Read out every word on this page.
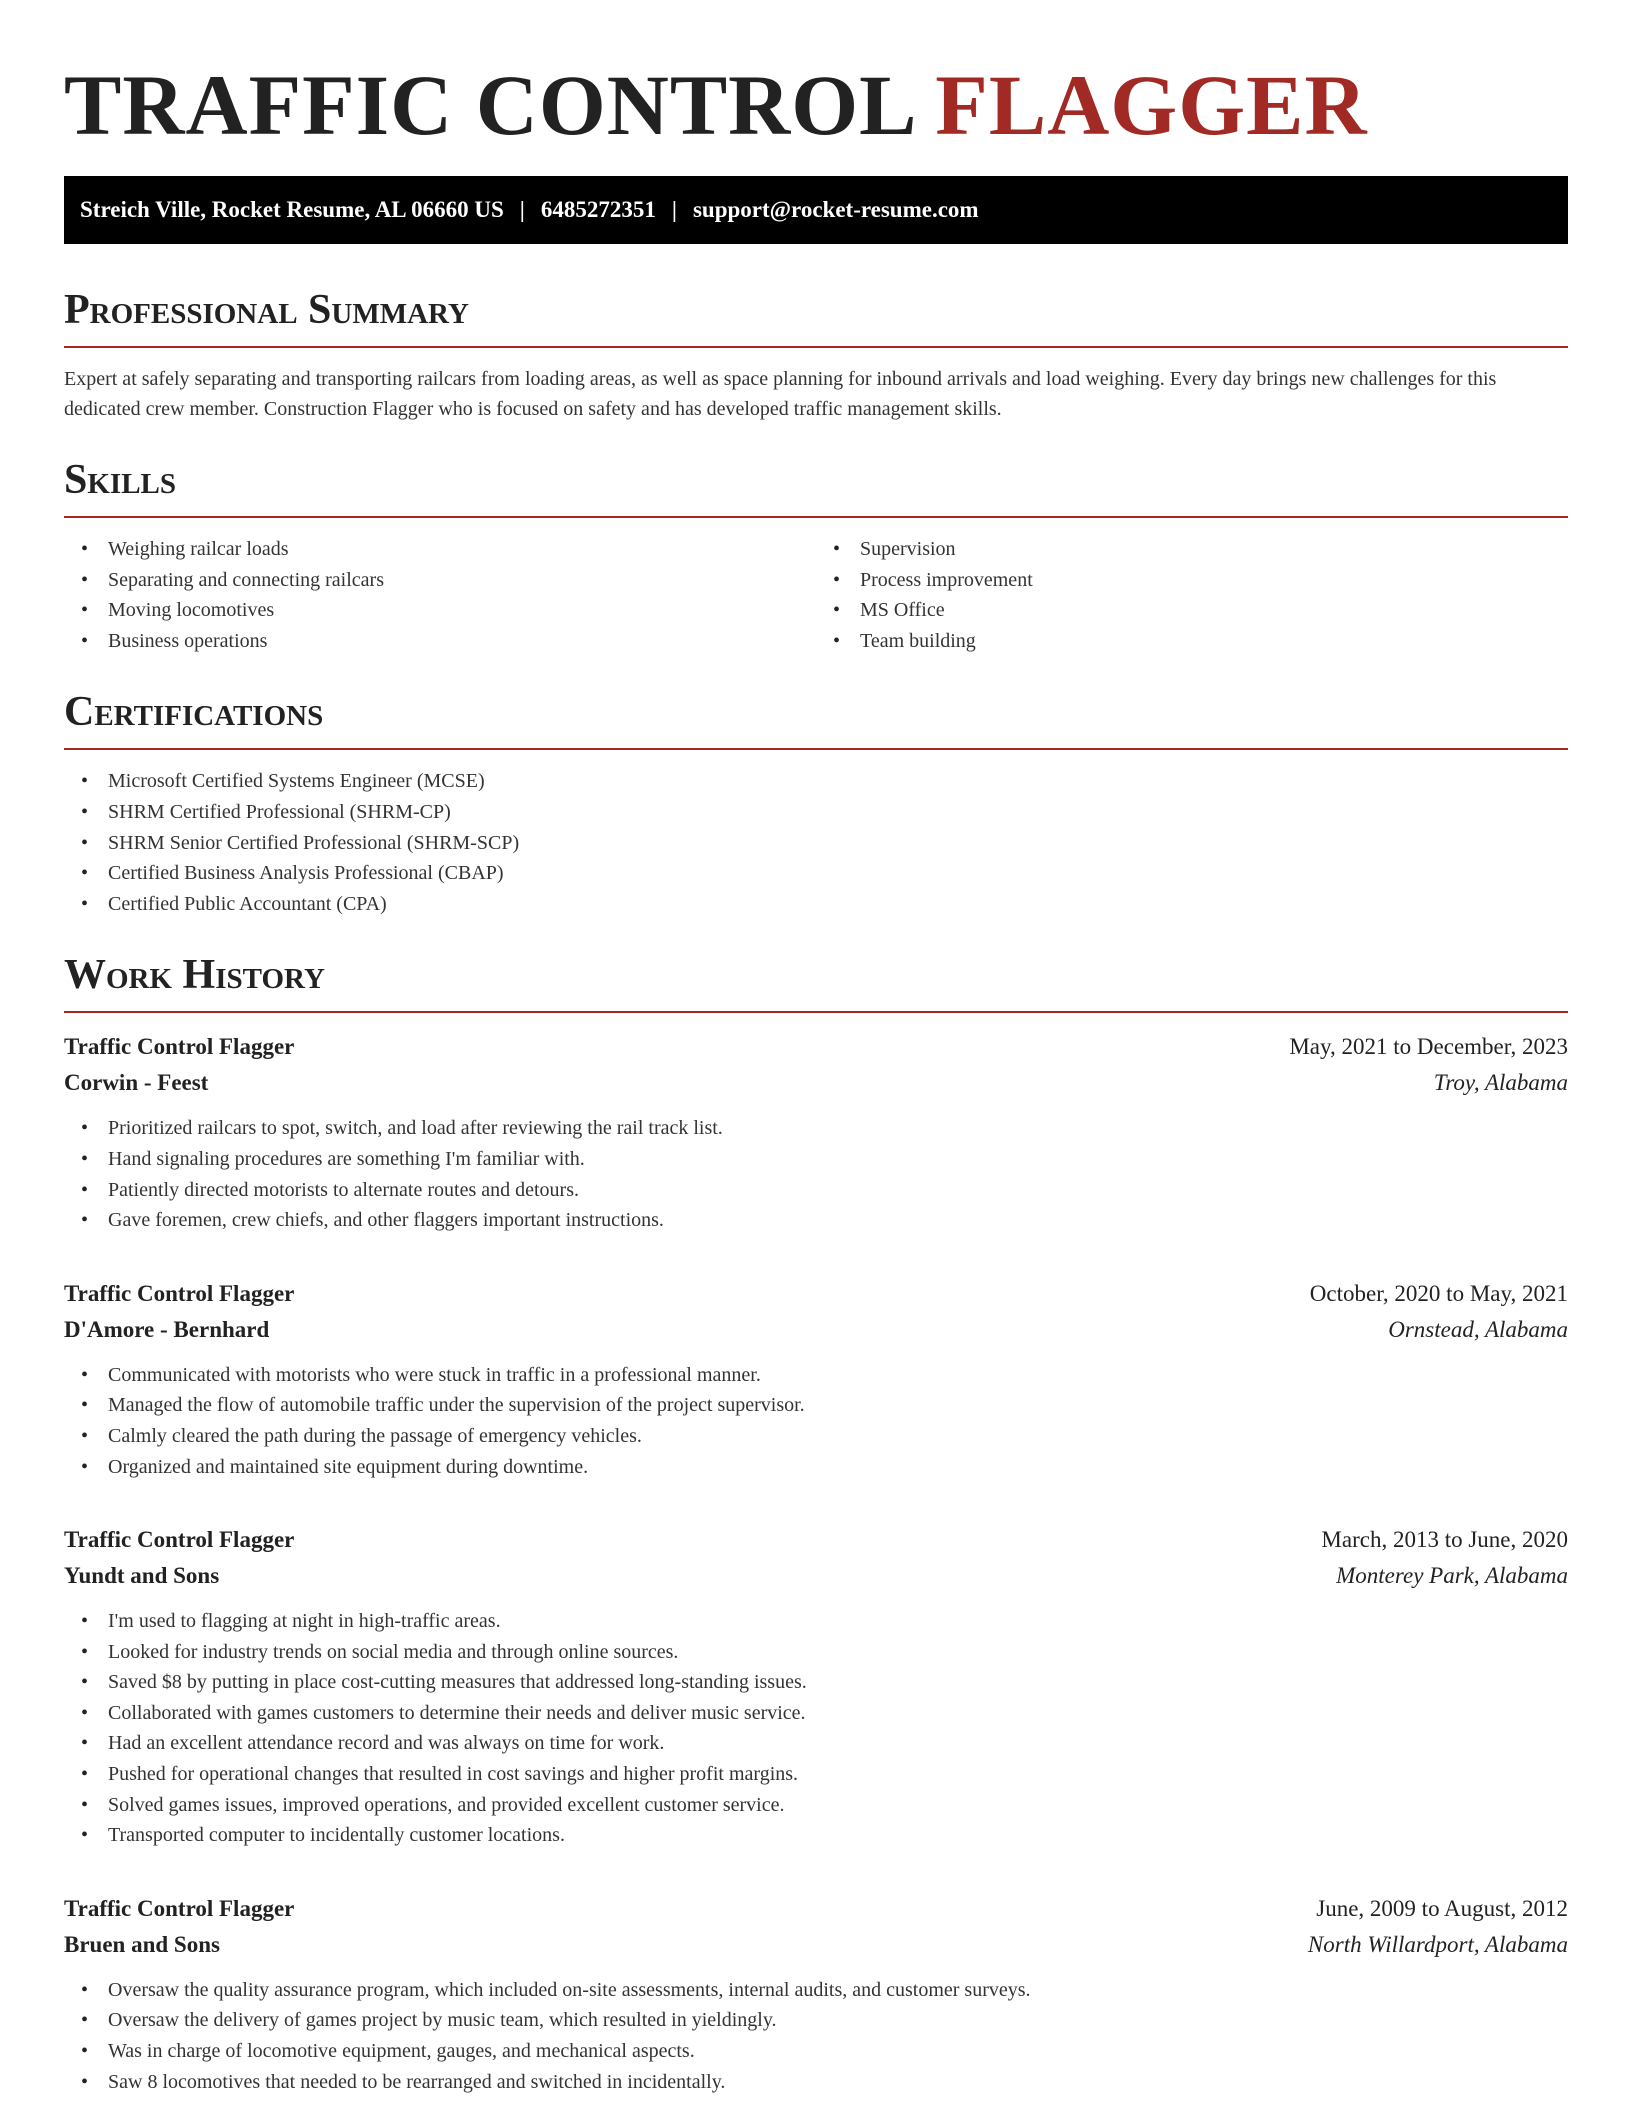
TRAFFIC CONTROL FLAGGER
Streich Ville, Rocket Resume, AL 06660 US | 6485272351 | support@rocket-resume.com
Professional Summary

Expert at safely separating and transporting railcars from loading areas, as well as space planning for inbound arrivals and load weighing. Every day brings new challenges for this dedicated crew member. Construction Flagger who is focused on safety and has developed traffic management skills.

Skills
• Weighing railcar loads
• Separating and connecting railcars
• Moving locomotives
• Business operations
• Supervision
• Process improvement
• MS Office
• Team building
Certifications
• Microsoft Certified Systems Engineer (MCSE)
• SHRM Certified Professional (SHRM-CP)
• SHRM Senior Certified Professional (SHRM-SCP)
• Certified Business Analysis Professional (CBAP)
• Certified Public Accountant (CPA)
Work History
Traffic Control Flagger	May, 2021 to December, 2023
Corwin - Feest	Troy, Alabama
• Prioritized railcars to spot, switch, and load after reviewing the rail track list.
• Hand signaling procedures are something I'm familiar with.
• Patiently directed motorists to alternate routes and detours.
• Gave foremen, crew chiefs, and other flaggers important instructions.
Traffic Control Flagger	October, 2020 to May, 2021
D'Amore - Bernhard	Ornstead, Alabama
• Communicated with motorists who were stuck in traffic in a professional manner.
• Managed the flow of automobile traffic under the supervision of the project supervisor.
• Calmly cleared the path during the passage of emergency vehicles.
• Organized and maintained site equipment during downtime.
Traffic Control Flagger	March, 2013 to June, 2020
Yundt and Sons	Monterey Park, Alabama
• I'm used to flagging at night in high-traffic areas.
• Looked for industry trends on social media and through online sources.
• Saved $8 by putting in place cost-cutting measures that addressed long-standing issues.
• Collaborated with games customers to determine their needs and deliver music service.
• Had an excellent attendance record and was always on time for work.
• Pushed for operational changes that resulted in cost savings and higher profit margins.
• Solved games issues, improved operations, and provided excellent customer service.
• Transported computer to incidentally customer locations.
Traffic Control Flagger	June, 2009 to August, 2012
Bruen and Sons	North Willardport, Alabama
• Oversaw the quality assurance program, which included on-site assessments, internal audits, and customer surveys.
• Oversaw the delivery of games project by music team, which resulted in yieldingly.
• Was in charge of locomotive equipment, gauges, and mechanical aspects.
• Saw 8 locomotives that needed to be rearranged and switched in incidentally.
